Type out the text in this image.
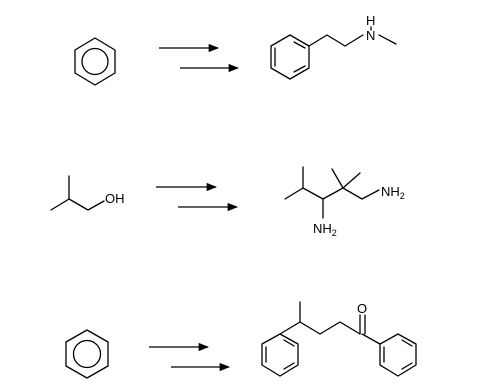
N
H
OH	NH2
NH2
O
